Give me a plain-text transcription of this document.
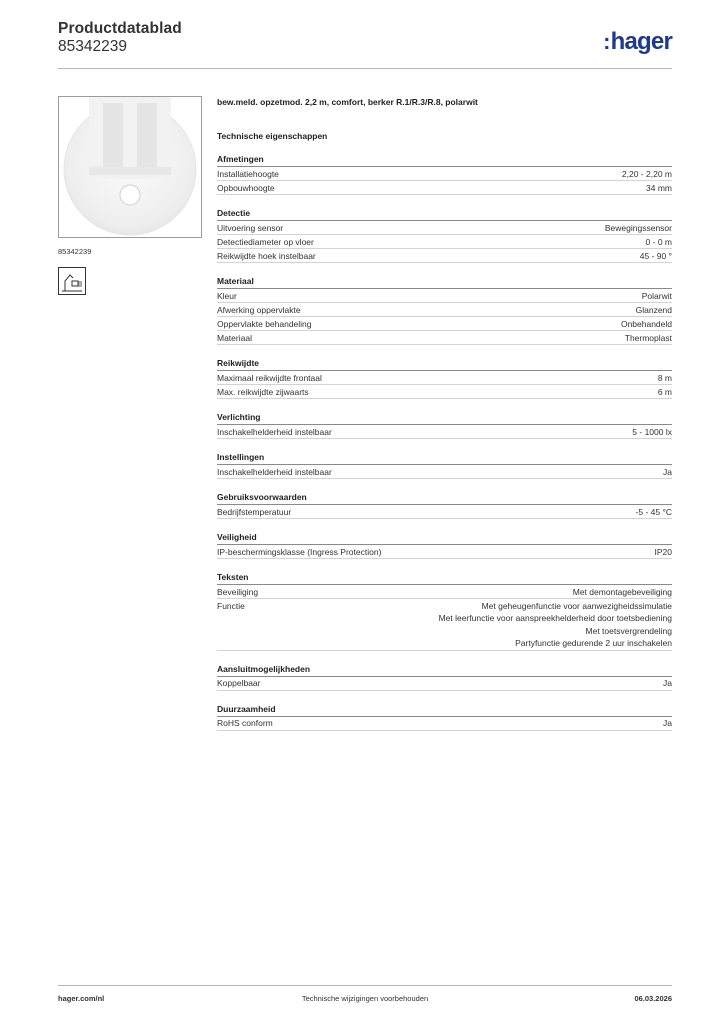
Productdatablad
85342239	:hager
85342239
bew.meld. opzetmod. 2,2 m, comfort, berker R.1/R.3/R.8, polarwit
Technische eigenschappen
Afmetingen
Installatiehoogte	2,20 - 2,20 m
Opbouwhoogte	34 mm
Detectie
Uitvoering sensor	Bewegingssensor
Detectiediameter op vloer	0 - 0 m
Reikwijdte hoek instelbaar	45 - 90 °
Materiaal
Kleur	Polarwit
Afwerking oppervlakte	Glanzend
Oppervlakte behandeling	Onbehandeld
Materiaal	Thermoplast
Reikwijdte
Maximaal reikwijdte frontaal	8 m
Max. reikwijdte zijwaarts	6 m
Verlichting
Inschakelhelderheid instelbaar	5 - 1000 lx
Instellingen
Inschakelhelderheid instelbaar	Ja
Gebruiksvoorwaarden
Bedrijfstemperatuur	-5 - 45 °C
Veiligheid
IP-beschermingsklasse (Ingress Protection)	IP20
Teksten
Beveiliging	Met demontagebeveiliging
Functie	Met geheugenfunctie voor aanwezigheidssimulatie
Met leerfunctie voor aanspreekhelderheid door toetsbediening
Met toetsvergrendeling
Partyfunctie gedurende 2 uur inschakelen
Aansluitmogelijkheden
Koppelbaar	Ja
Duurzaamheid
RoHS conform	Ja
hager.com/nl	Technische wijzigingen voorbehouden	06.03.2026
